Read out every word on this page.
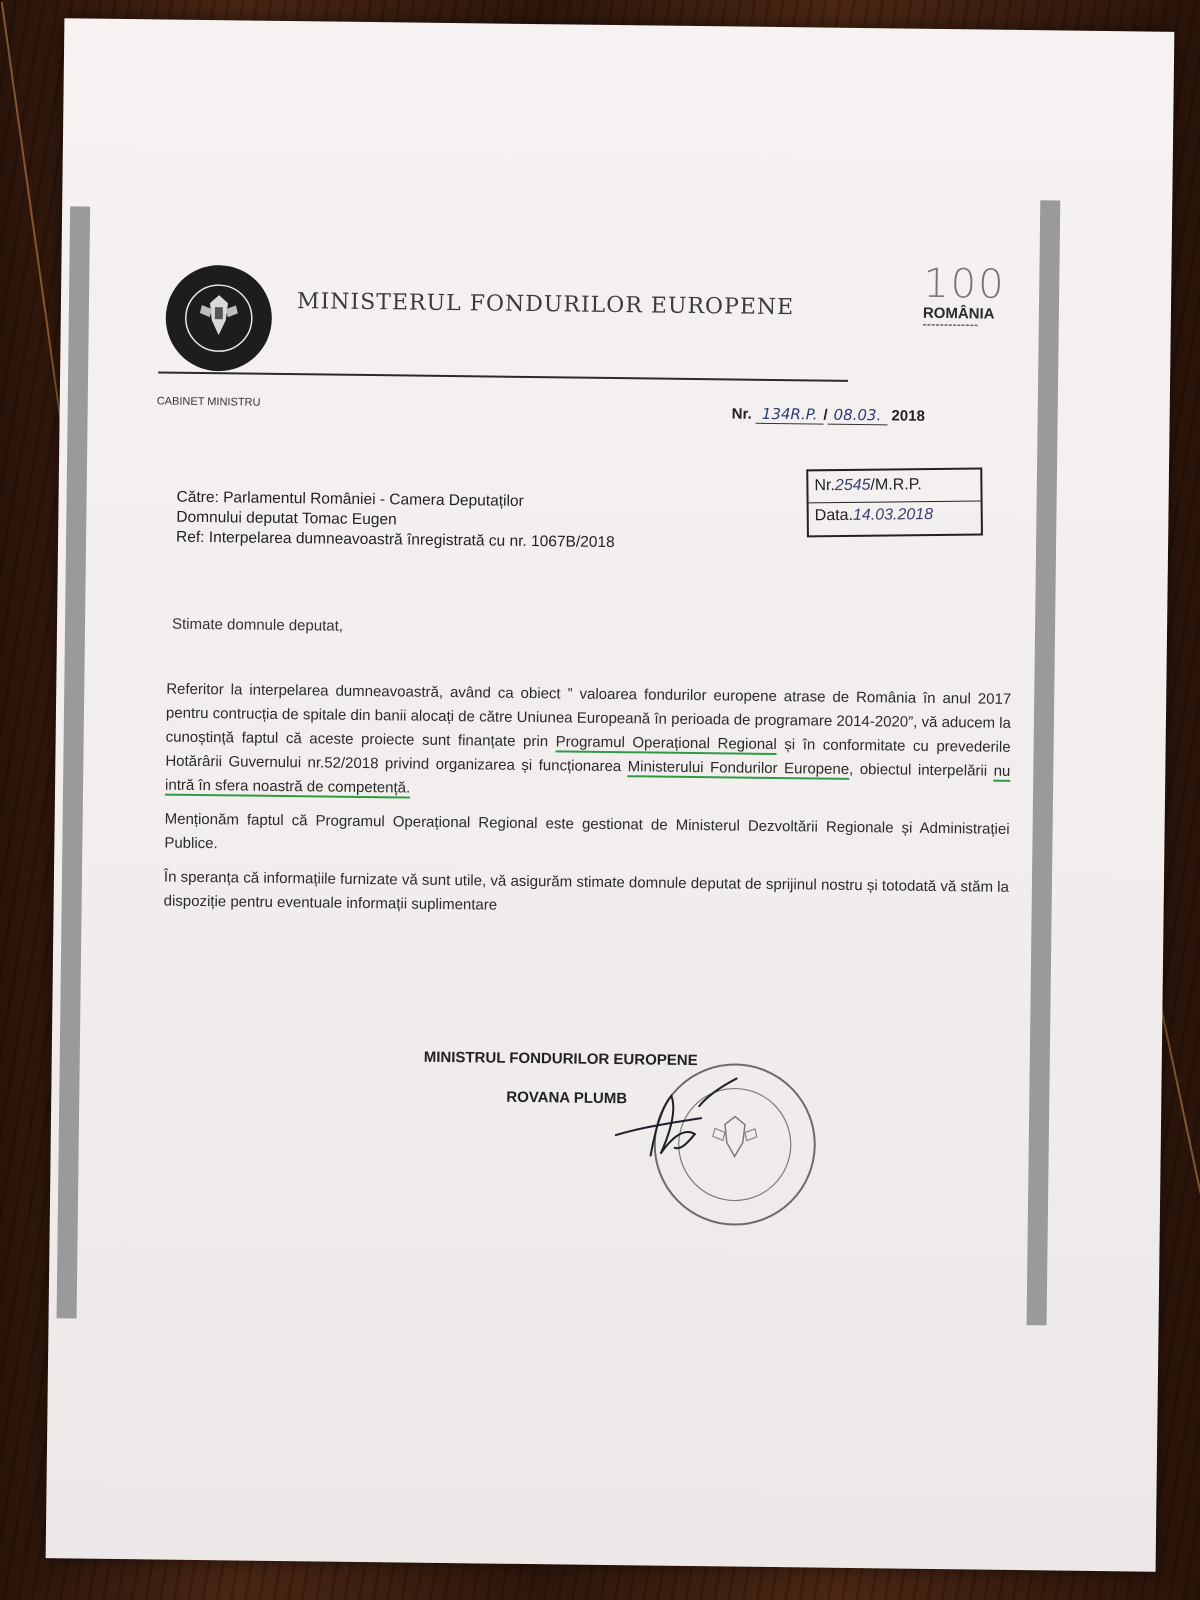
MINISTERUL FONDURILOR EUROPENE	100
ROMÂNIA
▬▬▬▬▬▬▬▬▬▬▬▬▬
CABINET MINISTRU
Nr. 134R.P. / 08.03. 2018
Nr.2545/M.R.P.
Data.14.03.2018
Către: Parlamentul României - Camera Deputaților
Domnului deputat Tomac Eugen
Ref: Interpelarea dumneavoastră înregistrată cu nr. 1067B/2018
Stimate domnule deputat,

Referitor la interpelarea dumneavoastră, având ca obiect ” valoarea fondurilor europene atrase de România în anul 2017 pentru contrucția de spitale din banii alocați de către Uniunea Europeană în perioada de programare 2014-2020”, vă aducem la cunoștință faptul că aceste proiecte sunt finanțate prin Programul Operațional Regional și în conformitate cu prevederile Hotărârii Guvernului nr.52/2018 privind organizarea și funcționarea Ministerului Fondurilor Europene, obiectul interpelării nu intră în sfera noastră de competență.

Menționăm faptul că Programul Operațional Regional este gestionat de Ministerul Dezvoltării Regionale și Administrației Publice.

În speranța că informațiile furnizate vă sunt utile, vă asigurăm stimate domnule deputat de sprijinul nostru și totodată vă stăm la dispoziție pentru eventuale informații suplimentare

MINISTRUL FONDURILOR EUROPENE
ROVANA PLUMB
